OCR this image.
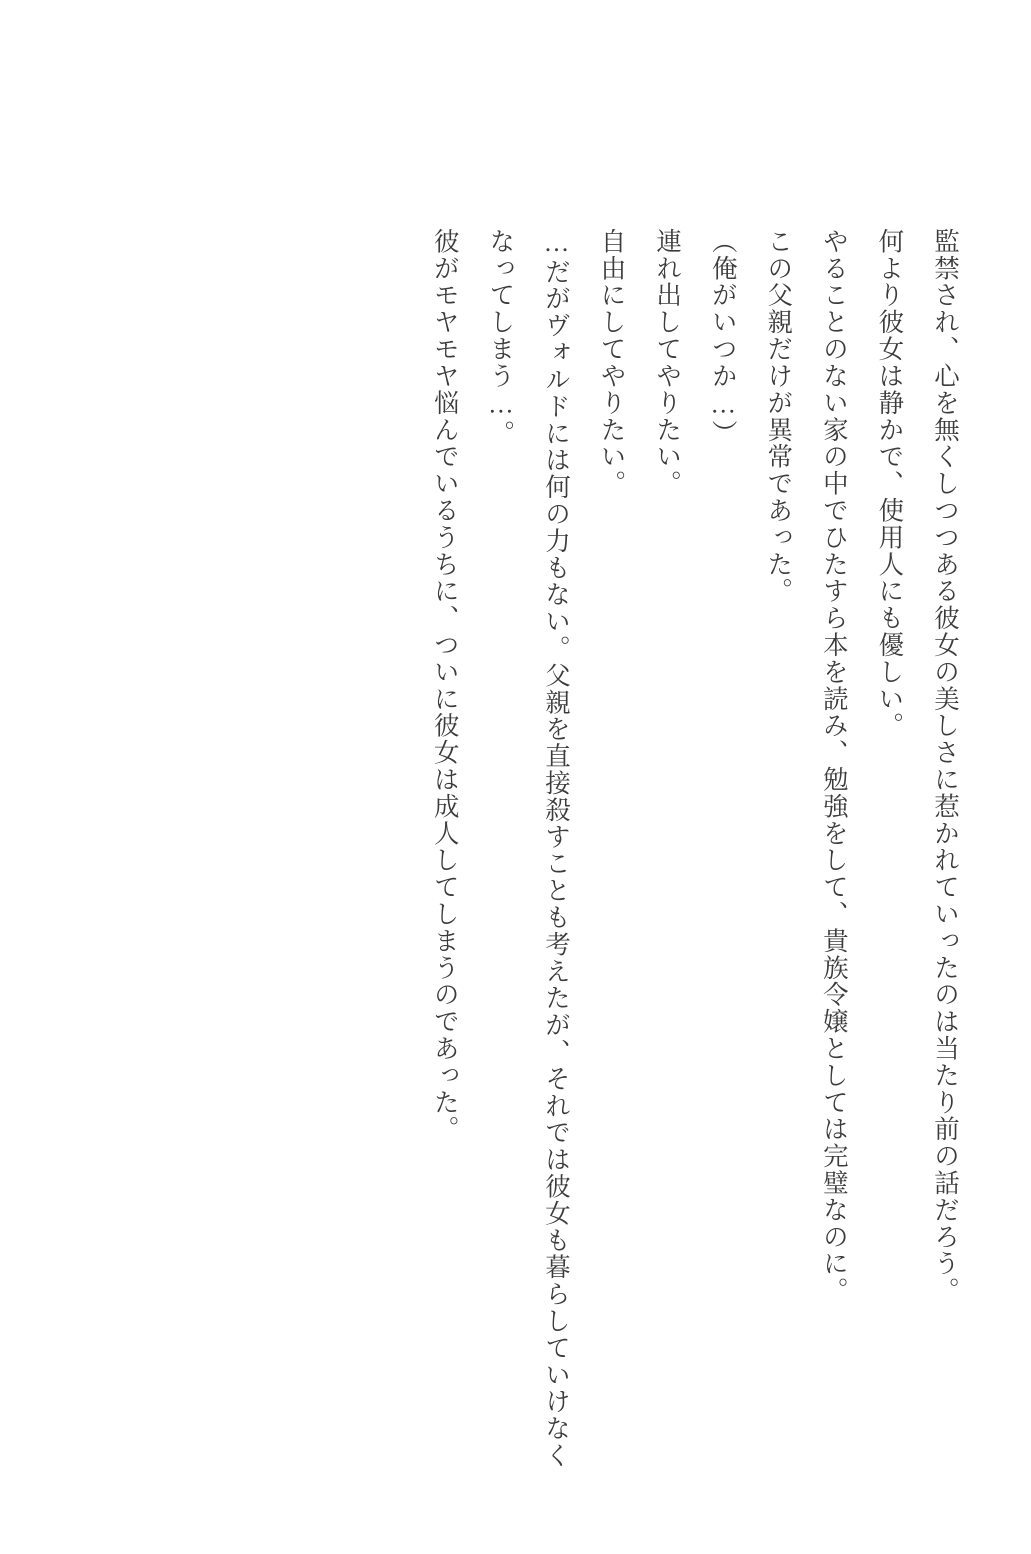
監禁され、心を無くしつつある彼女の美しさに惹かれていったのは当たり前の話だろう。

何より彼女は静かで、使用人にも優しい。

やることのない家の中でひたすら本を読み、勉強をして、貴族令嬢としては完璧なのに。

この父親だけが異常であった。

（俺がいつか…）

連れ出してやりたい。

自由にしてやりたい。

…だがヴォルドには何の力もない。父親を直接殺すことも考えたが、それでは彼女も暮らしていけなくなってしまう…。

彼がモヤモヤ悩んでいるうちに、ついに彼女は成人してしまうのであった。
